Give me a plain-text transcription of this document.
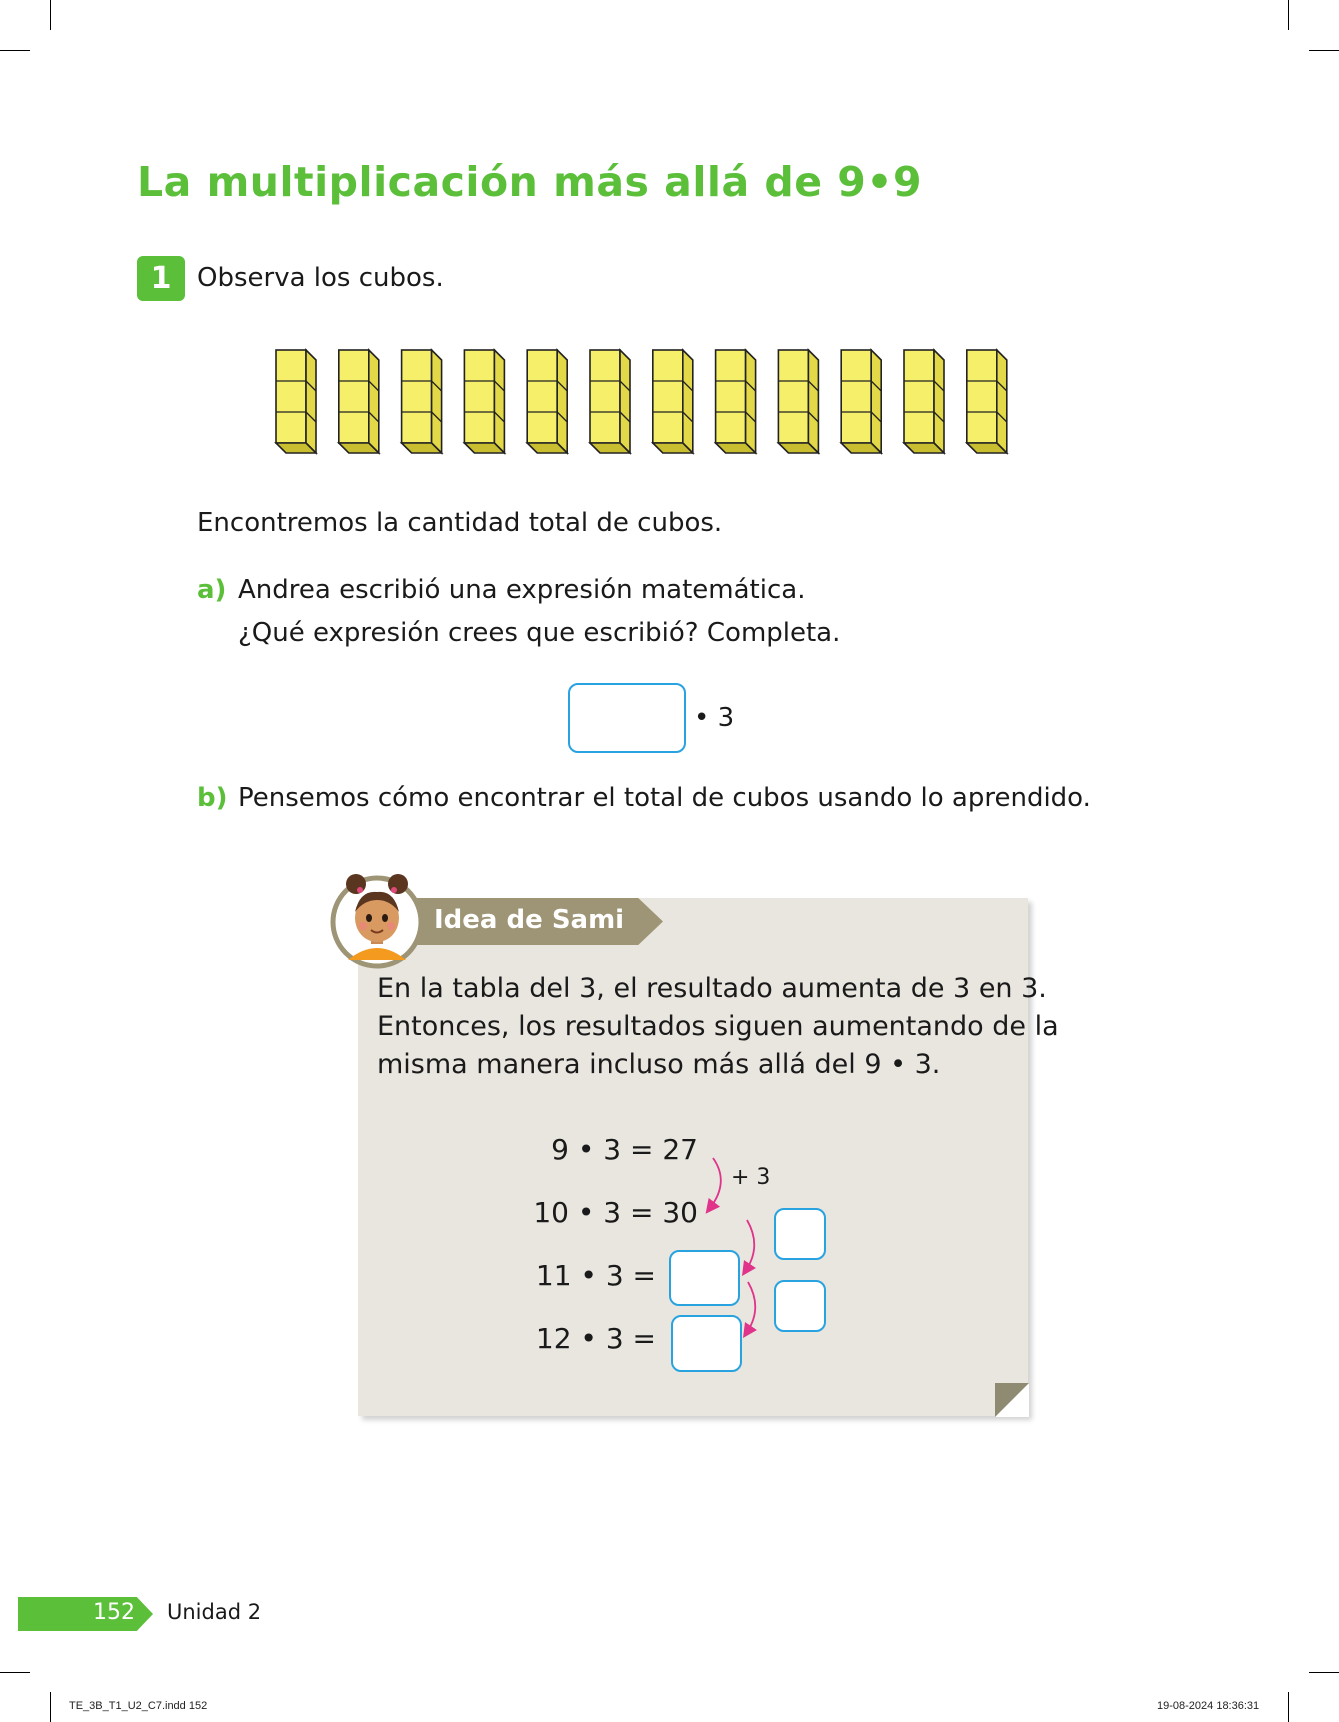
La multiplicación más allá de 9•9
1 Observa los cubos.
Encontremos la cantidad total de cubos.
a) Andrea escribió una expresión matemática.
¿Qué expresión crees que escribió? Completa.
• 3
b) Pensemos cómo encontrar el total de cubos usando lo aprendido.
Idea de Sami
En la tabla del 3, el resultado aumenta de 3 en 3.
Entonces, los resultados siguen aumentando de la
misma manera incluso más allá del 9 • 3.
9 • 3 = 27
10 • 3 = 30
11 • 3 =
12 • 3 =
+ 3
152 Unidad 2
TE_3B_T1_U2_C7.indd 152	19-08-2024 18:36:31
